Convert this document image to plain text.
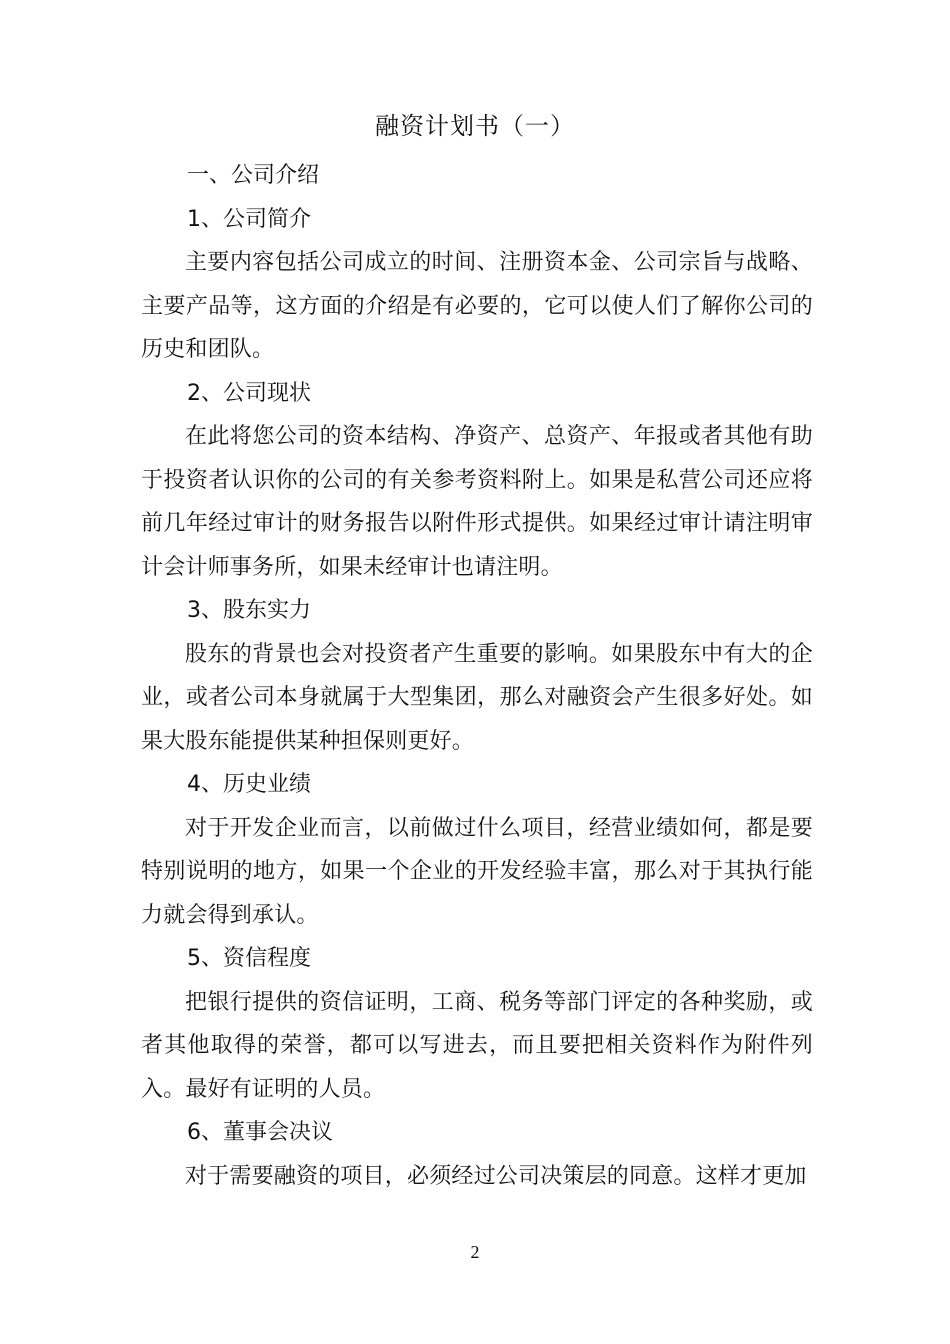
融资计划书（一）

一、公司介绍

1、公司简介

主要内容包括公司成立的时间、注册资本金、公司宗旨与战略、主要产品等，这方面的介绍是有必要的，它可以使人们了解你公司的历史和团队。

2、公司现状

在此将您公司的资本结构、净资产、总资产、年报或者其他有助于投资者认识你的公司的有关参考资料附上。如果是私营公司还应将前几年经过审计的财务报告以附件形式提供。如果经过审计请注明审计会计师事务所，如果未经审计也请注明。

3、股东实力

股东的背景也会对投资者产生重要的影响。如果股东中有大的企业，或者公司本身就属于大型集团，那么对融资会产生很多好处。如果大股东能提供某种担保则更好。

4、历史业绩

对于开发企业而言，以前做过什么项目，经营业绩如何，都是要特别说明的地方，如果一个企业的开发经验丰富，那么对于其执行能力就会得到承认。

5、资信程度

把银行提供的资信证明，工商、税务等部门评定的各种奖励，或者其他取得的荣誉，都可以写进去，而且要把相关资料作为附件列入。最好有证明的人员。

6、董事会决议

对于需要融资的项目，必须经过公司决策层的同意。这样才更加

2
